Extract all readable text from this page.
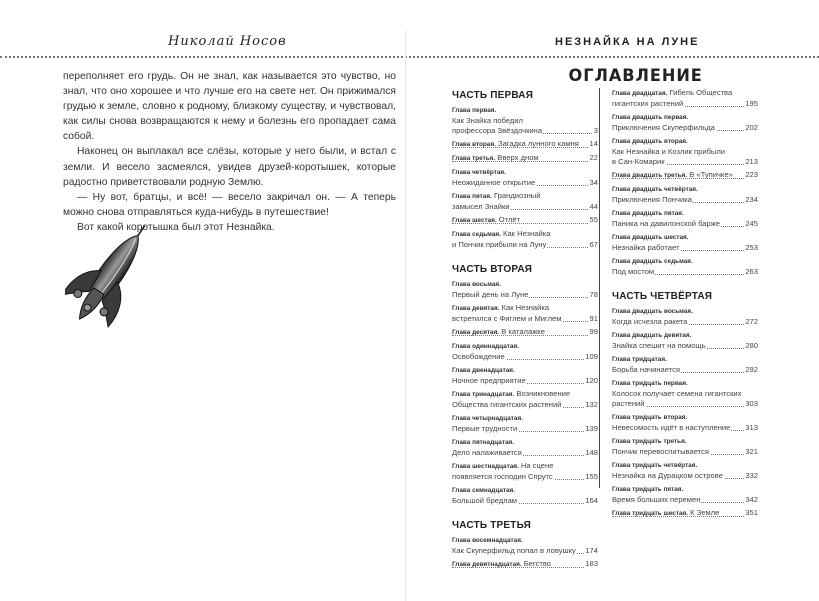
Николай Носов	НЕЗНАЙКА НА ЛУНЕ

переполняет его грудь. Он не знал, как называется это чувство, но знал, что оно хорошее и что лучше его на свете нет. Он прижимался грудью к земле, словно к родному, близкому существу, и чувствовал, как силы снова возвращаются к нему и болезнь его пропадает сама собой.

Наконец он выплакал все слёзы, которые у него были, и встал с земли. И весело засмеялся, увидев друзей-коротышек, которые радостно приветствовали родную Землю.

— Ну вот, братцы, и всё! — весело закричал он. — А теперь можно снова отправляться куда-нибудь в путешествие!

Вот какой коротышка был этот Незнайка.

ОГЛАВЛЕНИЕ
ЧАСТЬ ПЕРВАЯ
Глава первая.
Как Знайка победил
3
профессора Звёздочкина
14
Глава вторая. Загадка лунного камня
22
Глава третья. Вверх дном
Глава четвёртая.
34
Неожиданное открытие
Глава пятая. Грандиозный
44
замысел Знайки
55
Глава шестая. Отлёт
Глава седьмая. Как Незнайка
67
и Пончик прибыли на Луну
ЧАСТЬ ВТОРАЯ
Глава восьмая.
78
Первый день на Луне
Глава девятая. Как Незнайка
91
встретился с Фиглем и Миглем
99
Глава десятая. В каталажке
Глава одиннадцатая.
109
Освобождение
Глава двенадцатая.
120
Ночное предприятие
Глава тринадцатая. Возникновение
132
Общества гигантских растений
Глава четырнадцатая.
139
Первые трудности
Глава пятнадцатая.
148
Дело налаживается
Глава шестнадцатая. На сцене
155
появляется господин Спрутс
Глава семнадцатая.
164
Большой бредлам
ЧАСТЬ ТРЕТЬЯ
Глава восемнадцатая.
174
Как Скуперфильд попал в ловушку
183
Глава девятнадцатая. Бегство
Глава двадцатая. Гибель Общества
195
гигантских растений
Глава двадцать первая.
202
Приключения Скуперфильда
Глава двадцать вторая.
Как Незнайка и Козлик прибыли
213
в Сан-Комарик
223
Глава двадцать третья. В «Тупичке»
Глава двадцать четвёртая.
234
Приключения Пончика
Глава двадцать пятая.
245
Паника на давилонской барже
Глава двадцать шестая.
253
Незнайка работает
Глава двадцать седьмая.
263
Под мостом
ЧАСТЬ ЧЕТВЁРТАЯ
Глава двадцать восьмая.
272
Когда исчезла ракета
Глава двадцать девятая.
280
Знайка спешит на помощь
Глава тридцатая.
292
Борьба начинается
Глава тридцать первая.
Колосок получает семена гигантских
303
растений
Глава тридцать вторая.
313
Невесомость идёт в наступление
Глава тридцать третья.
321
Пончик перевоспитывается
Глава тридцать четвёртая.
332
Незнайка на Дурацком острове
Глава тридцать пятая.
342
Время больших перемен
351
Глава тридцать шестая. К Земле
